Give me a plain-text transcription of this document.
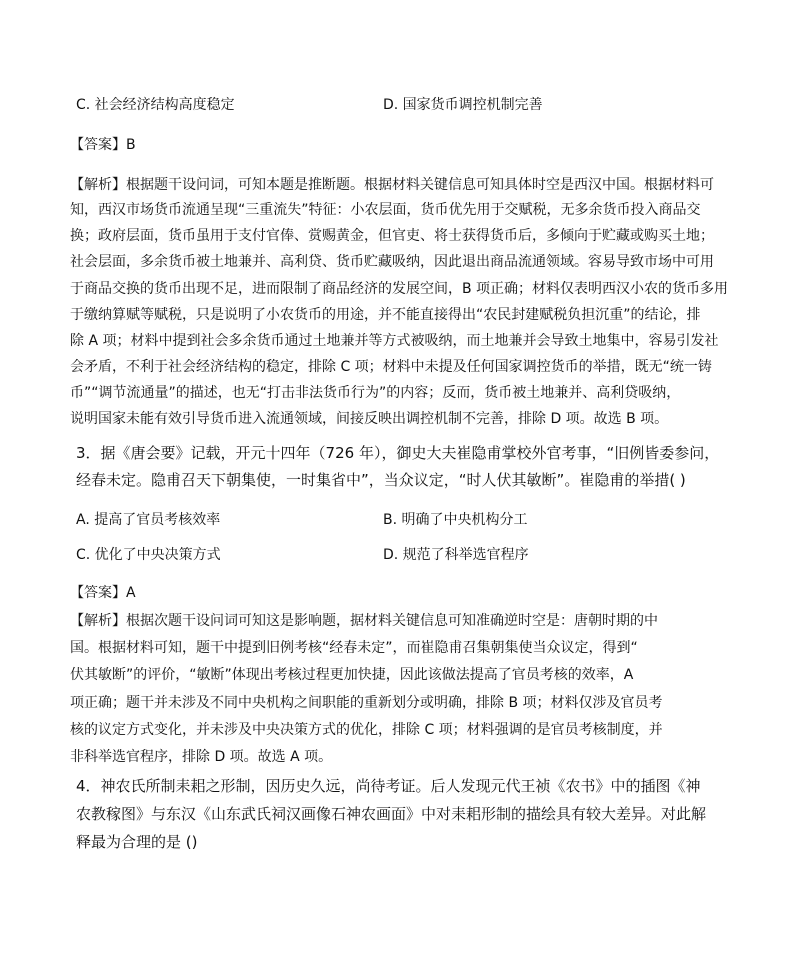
C. 社会经济结构高度稳定	D. 国家货币调控机制完善
【答案】B
【解析】根据题干设问词，可知本题是推断题。根据材料关键信息可知具体时空是西汉中国。根据材料可
知，西汉市场货币流通呈现“三重流失”特征：小农层面，货币优先用于交赋税，无多余货币投入商品交
换；政府层面，货币虽用于支付官俸、赏赐黄金，但官吏、将士获得货币后，多倾向于贮藏或购买土地；
社会层面，多余货币被土地兼并、高利贷、货币贮藏吸纳，因此退出商品流通领域。容易导致市场中可用
于商品交换的货币出现不足，进而限制了商品经济的发展空间，B 项正确；材料仅表明西汉小农的货币多用
于缴纳算赋等赋税，只是说明了小农货币的用途，并不能直接得出“农民封建赋税负担沉重”的结论，排
除 A 项；材料中提到社会多余货币通过土地兼并等方式被吸纳，而土地兼并会导致土地集中，容易引发社
会矛盾，不利于社会经济结构的稳定，排除 C 项；材料中未提及任何国家调控货币的举措，既无“统一铸
币”“调节流通量”的描述，也无“打击非法货币行为”的内容；反而，货币被土地兼并、高利贷吸纳，
说明国家未能有效引导货币进入流通领域，间接反映出调控机制不完善，排除 D 项。故选 B 项。
3．据《唐会要》记载，开元十四年（726 年），御史大夫崔隐甫掌校外官考事，“旧例皆委参问，
经春未定。隐甫召天下朝集使，一时集省中”，当众议定，“时人伏其敏断”。崔隐甫的举措( )
A. 提高了官员考核效率	B. 明确了中央机构分工
C. 优化了中央决策方式	D. 规范了科举选官程序
【答案】A
【解析】根据次题干设问词可知这是影响题，据材料关键信息可知准确逆时空是：唐朝时期的中
国。根据材料可知，题干中提到旧例考核“经春未定”，而崔隐甫召集朝集使当众议定，得到“
伏其敏断”的评价，“敏断”体现出考核过程更加快捷，因此该做法提高了官员考核的效率，A
项正确；题干并未涉及不同中央机构之间职能的重新划分或明确，排除 B 项；材料仅涉及官员考
核的议定方式变化，并未涉及中央决策方式的优化，排除 C 项；材料强调的是官员考核制度，并
非科举选官程序，排除 D 项。故选 A 项。
4．神农氏所制耒耜之形制，因历史久远，尚待考证。后人发现元代王祯《农书》中的插图《神
农教稼图》与东汉《山东武氏祠汉画像石神农画面》中对耒耜形制的描绘具有较大差异。对此解
释最为合理的是 ()
